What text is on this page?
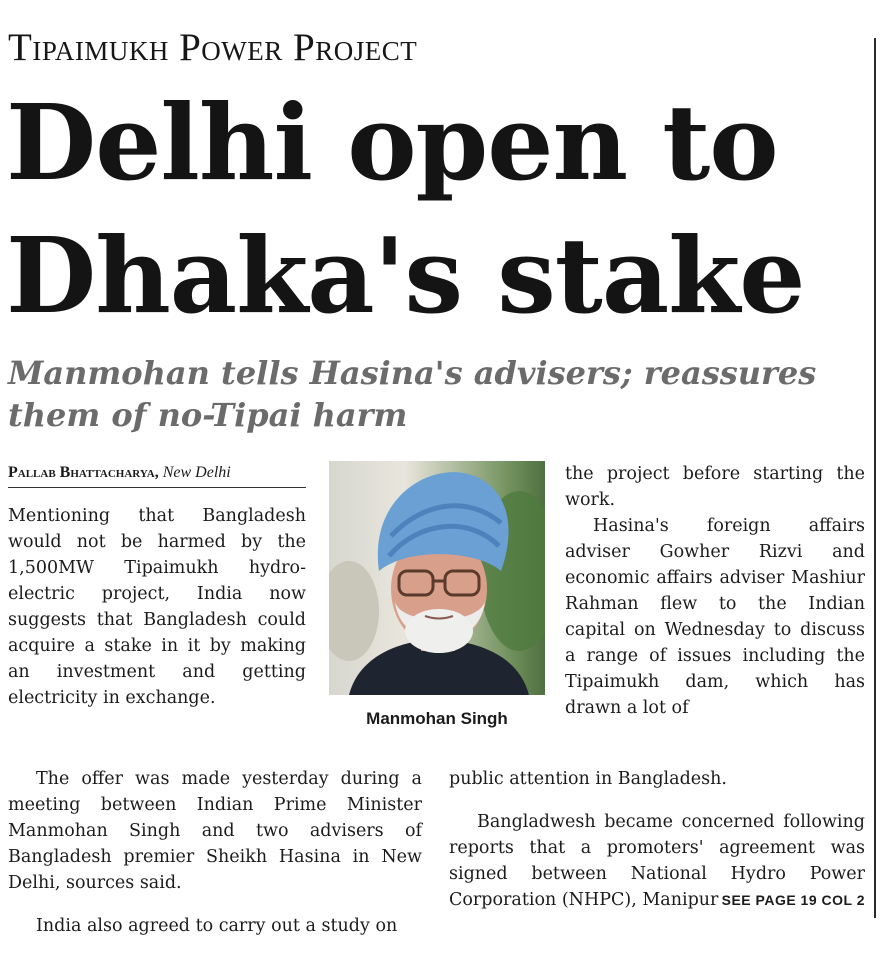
Tipaimukh Power Project
Delhi open to Dhaka's stake
Manmohan tells Hasina's advisers; reassures them of no-Tipai harm
Pallab Bhattacharya, New Delhi

Mentioning that Bangladesh would not be harmed by the 1,500MW Tipaimukh hydro-electric project, India now suggests that Bangladesh could acquire a stake in it by making an investment and getting electricity in exchange.

Manmohan Singh

the project before starting the work.

Hasina's foreign affairs adviser Gowher Rizvi and economic affairs adviser Mashiur Rahman flew to the Indian capital on Wednesday to discuss a range of issues including the Tipaimukh dam, which has drawn a lot of

The offer was made yesterday during a meeting between Indian Prime Minister Manmohan Singh and two advisers of Bangladesh premier Sheikh Hasina in New Delhi, sources said.

India also agreed to carry out a study on

public attention in Bangladesh.

Bangladwesh became concerned following reports that a promoters' agreement was signed between National Hydro Power Corporation (NHPC), Manipur SEE PAGE 19 COL 2
